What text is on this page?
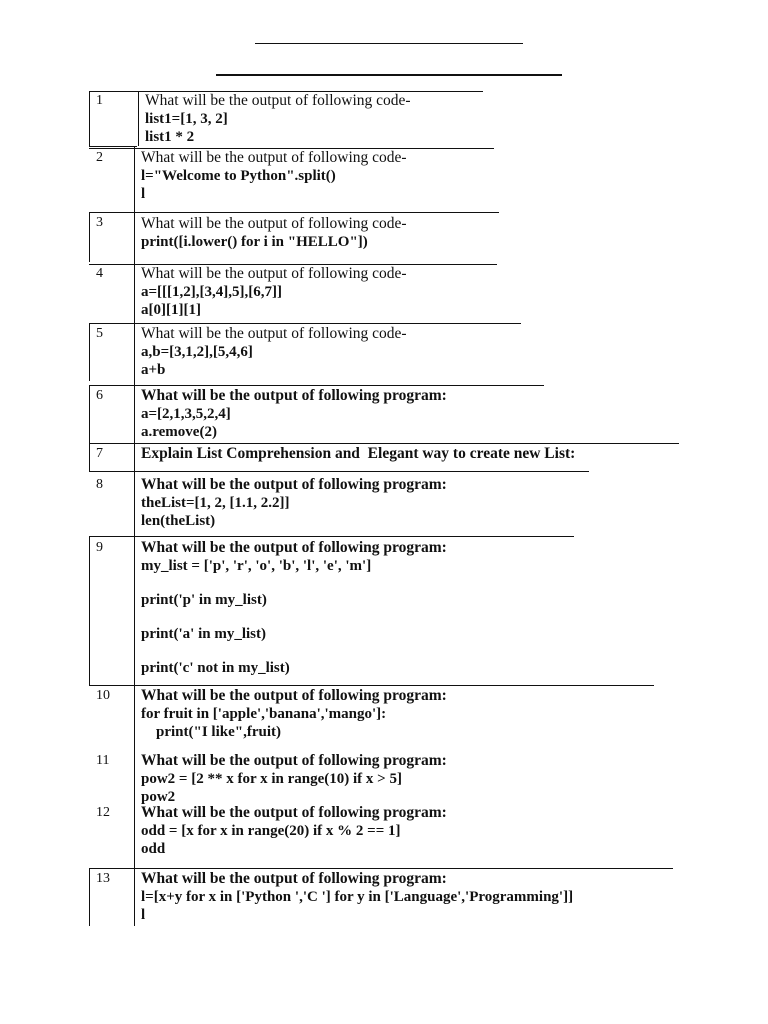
1	What will be the output of following code-
list1=[1, 3, 2]
list1 * 2
2 What will be the output of following code-
l="Welcome to Python".split()
l
3 What will be the output of following code-
print([i.lower() for i in "HELLO"])
4 What will be the output of following code-
a=[[[1,2],[3,4],5],[6,7]]
a[0][1][1]
5 What will be the output of following code-
a,b=[3,1,2],[5,4,6]
a+b
6 What will be the output of following program:
a=[2,1,3,5,2,4]
a.remove(2)
7 Explain List Comprehension and  Elegant way to create new List:
8 What will be the output of following program:
theList=[1, 2, [1.1, 2.2]]
len(theList)
9 What will be the output of following program:
my_list = ['p', 'r', 'o', 'b', 'l', 'e', 'm']
print('p' in my_list)
print('a' in my_list)
print('c' not in my_list)
10 What will be the output of following program:
for fruit in ['apple','banana','mango']:
print("I like",fruit)
11 What will be the output of following program:
pow2 = [2 ** x for x in range(10) if x > 5]
pow2
12 What will be the output of following program:
odd = [x for x in range(20) if x % 2 == 1]
odd
13 What will be the output of following program:
l=[x+y for x in ['Python ','C '] for y in ['Language','Programming']]
l
